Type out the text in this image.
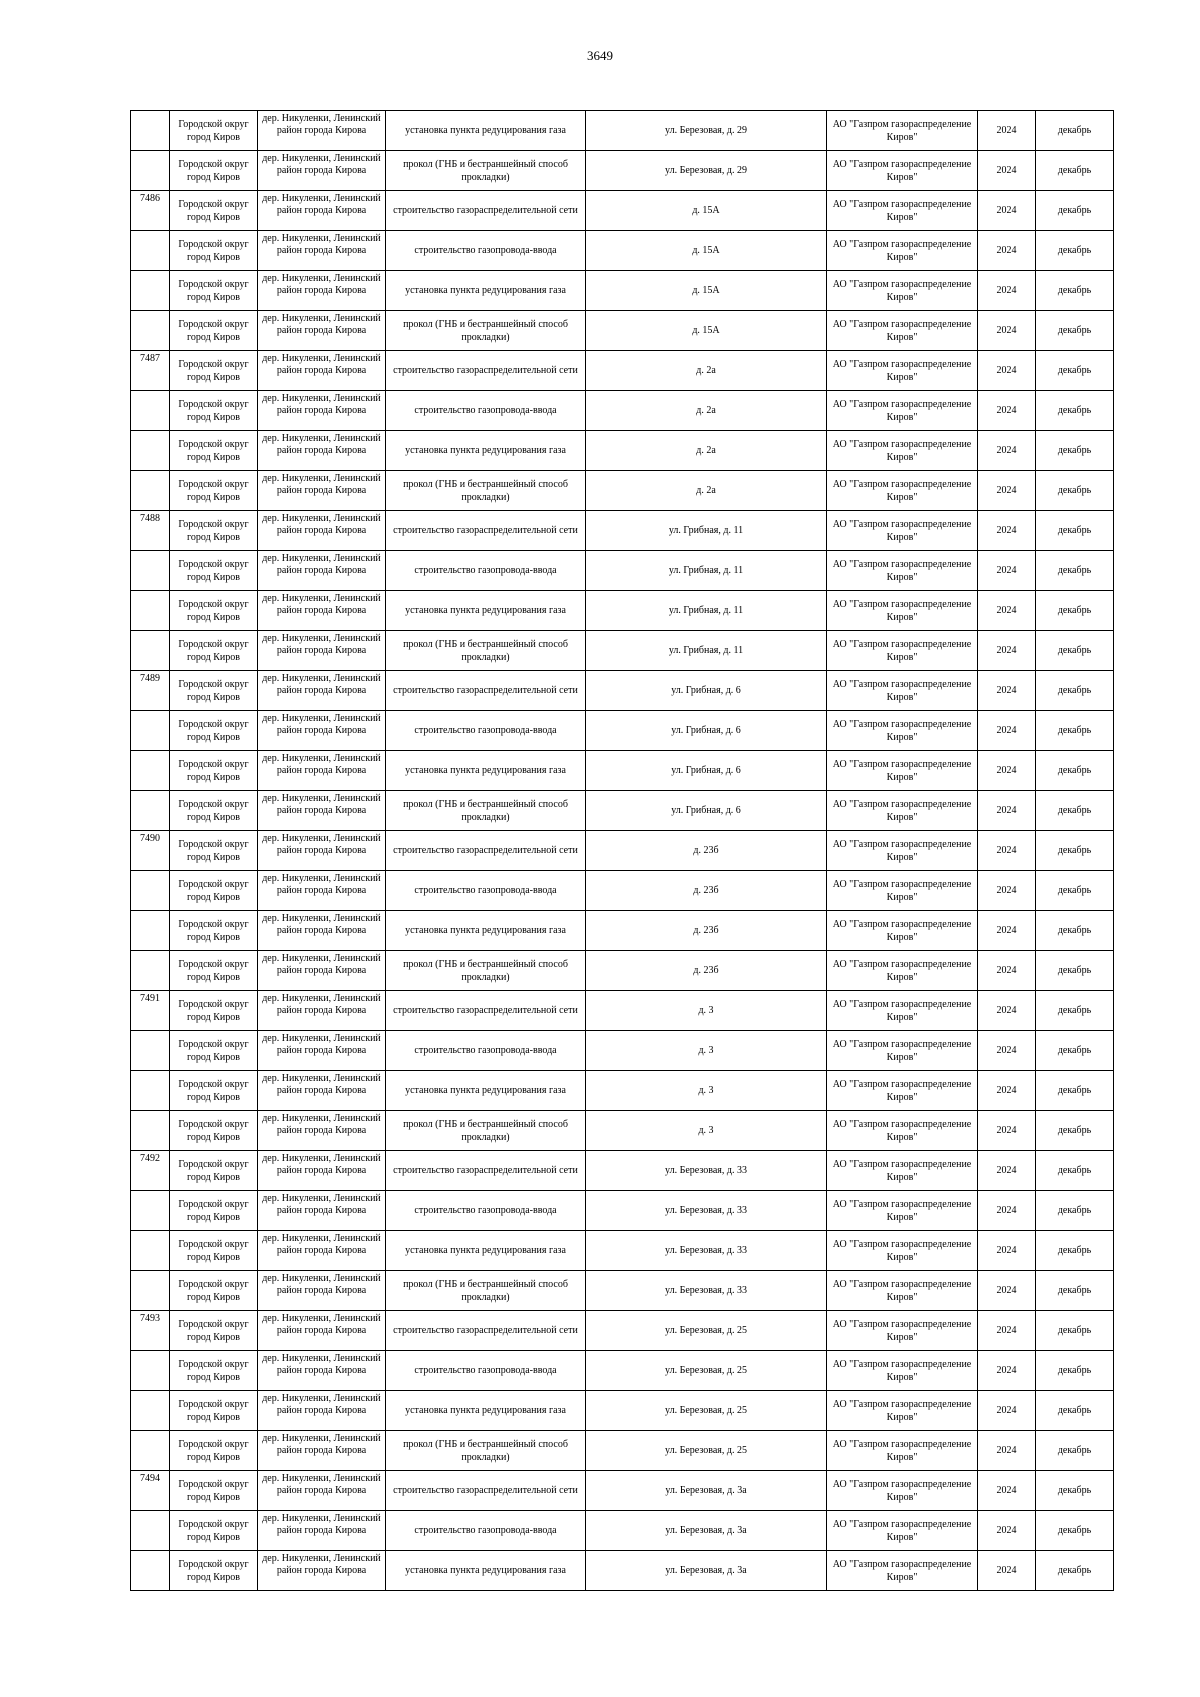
3649
	Городской округ город Киров	дер. Никуленки, Ленинский район города Кирова	установка пункта редуцирования газа	ул. Березовая, д. 29	АО "Газпром газораспределение Киров"	2024	декабрь
	Городской округ город Киров	дер. Никуленки, Ленинский район города Кирова	прокол (ГНБ и бестраншейный способ прокладки)	ул. Березовая, д. 29	АО "Газпром газораспределение Киров"	2024	декабрь
7486	Городской округ город Киров	дер. Никуленки, Ленинский район города Кирова	строительство газораспределительной сети	д. 15А	АО "Газпром газораспределение Киров"	2024	декабрь
	Городской округ город Киров	дер. Никуленки, Ленинский район города Кирова	строительство газопровода-ввода	д. 15А	АО "Газпром газораспределение Киров"	2024	декабрь
	Городской округ город Киров	дер. Никуленки, Ленинский район города Кирова	установка пункта редуцирования газа	д. 15А	АО "Газпром газораспределение Киров"	2024	декабрь
	Городской округ город Киров	дер. Никуленки, Ленинский район города Кирова	прокол (ГНБ и бестраншейный способ прокладки)	д. 15А	АО "Газпром газораспределение Киров"	2024	декабрь
7487	Городской округ город Киров	дер. Никуленки, Ленинский район города Кирова	строительство газораспределительной сети	д. 2а	АО "Газпром газораспределение Киров"	2024	декабрь
	Городской округ город Киров	дер. Никуленки, Ленинский район города Кирова	строительство газопровода-ввода	д. 2а	АО "Газпром газораспределение Киров"	2024	декабрь
	Городской округ город Киров	дер. Никуленки, Ленинский район города Кирова	установка пункта редуцирования газа	д. 2а	АО "Газпром газораспределение Киров"	2024	декабрь
	Городской округ город Киров	дер. Никуленки, Ленинский район города Кирова	прокол (ГНБ и бестраншейный способ прокладки)	д. 2а	АО "Газпром газораспределение Киров"	2024	декабрь
7488	Городской округ город Киров	дер. Никуленки, Ленинский район города Кирова	строительство газораспределительной сети	ул. Грибная, д. 11	АО "Газпром газораспределение Киров"	2024	декабрь
	Городской округ город Киров	дер. Никуленки, Ленинский район города Кирова	строительство газопровода-ввода	ул. Грибная, д. 11	АО "Газпром газораспределение Киров"	2024	декабрь
	Городской округ город Киров	дер. Никуленки, Ленинский район города Кирова	установка пункта редуцирования газа	ул. Грибная, д. 11	АО "Газпром газораспределение Киров"	2024	декабрь
	Городской округ город Киров	дер. Никуленки, Ленинский район города Кирова	прокол (ГНБ и бестраншейный способ прокладки)	ул. Грибная, д. 11	АО "Газпром газораспределение Киров"	2024	декабрь
7489	Городской округ город Киров	дер. Никуленки, Ленинский район города Кирова	строительство газораспределительной сети	ул. Грибная, д. 6	АО "Газпром газораспределение Киров"	2024	декабрь
	Городской округ город Киров	дер. Никуленки, Ленинский район города Кирова	строительство газопровода-ввода	ул. Грибная, д. 6	АО "Газпром газораспределение Киров"	2024	декабрь
	Городской округ город Киров	дер. Никуленки, Ленинский район города Кирова	установка пункта редуцирования газа	ул. Грибная, д. 6	АО "Газпром газораспределение Киров"	2024	декабрь
	Городской округ город Киров	дер. Никуленки, Ленинский район города Кирова	прокол (ГНБ и бестраншейный способ прокладки)	ул. Грибная, д. 6	АО "Газпром газораспределение Киров"	2024	декабрь
7490	Городской округ город Киров	дер. Никуленки, Ленинский район города Кирова	строительство газораспределительной сети	д. 23б	АО "Газпром газораспределение Киров"	2024	декабрь
	Городской округ город Киров	дер. Никуленки, Ленинский район города Кирова	строительство газопровода-ввода	д. 23б	АО "Газпром газораспределение Киров"	2024	декабрь
	Городской округ город Киров	дер. Никуленки, Ленинский район города Кирова	установка пункта редуцирования газа	д. 23б	АО "Газпром газораспределение Киров"	2024	декабрь
	Городской округ город Киров	дер. Никуленки, Ленинский район города Кирова	прокол (ГНБ и бестраншейный способ прокладки)	д. 23б	АО "Газпром газораспределение Киров"	2024	декабрь
7491	Городской округ город Киров	дер. Никуленки, Ленинский район города Кирова	строительство газораспределительной сети	д. 3	АО "Газпром газораспределение Киров"	2024	декабрь
	Городской округ город Киров	дер. Никуленки, Ленинский район города Кирова	строительство газопровода-ввода	д. 3	АО "Газпром газораспределение Киров"	2024	декабрь
	Городской округ город Киров	дер. Никуленки, Ленинский район города Кирова	установка пункта редуцирования газа	д. 3	АО "Газпром газораспределение Киров"	2024	декабрь
	Городской округ город Киров	дер. Никуленки, Ленинский район города Кирова	прокол (ГНБ и бестраншейный способ прокладки)	д. 3	АО "Газпром газораспределение Киров"	2024	декабрь
7492	Городской округ город Киров	дер. Никуленки, Ленинский район города Кирова	строительство газораспределительной сети	ул. Березовая, д. 33	АО "Газпром газораспределение Киров"	2024	декабрь
	Городской округ город Киров	дер. Никуленки, Ленинский район города Кирова	строительство газопровода-ввода	ул. Березовая, д. 33	АО "Газпром газораспределение Киров"	2024	декабрь
	Городской округ город Киров	дер. Никуленки, Ленинский район города Кирова	установка пункта редуцирования газа	ул. Березовая, д. 33	АО "Газпром газораспределение Киров"	2024	декабрь
	Городской округ город Киров	дер. Никуленки, Ленинский район города Кирова	прокол (ГНБ и бестраншейный способ прокладки)	ул. Березовая, д. 33	АО "Газпром газораспределение Киров"	2024	декабрь
7493	Городской округ город Киров	дер. Никуленки, Ленинский район города Кирова	строительство газораспределительной сети	ул. Березовая, д. 25	АО "Газпром газораспределение Киров"	2024	декабрь
	Городской округ город Киров	дер. Никуленки, Ленинский район города Кирова	строительство газопровода-ввода	ул. Березовая, д. 25	АО "Газпром газораспределение Киров"	2024	декабрь
	Городской округ город Киров	дер. Никуленки, Ленинский район города Кирова	установка пункта редуцирования газа	ул. Березовая, д. 25	АО "Газпром газораспределение Киров"	2024	декабрь
	Городской округ город Киров	дер. Никуленки, Ленинский район города Кирова	прокол (ГНБ и бестраншейный способ прокладки)	ул. Березовая, д. 25	АО "Газпром газораспределение Киров"	2024	декабрь
7494	Городской округ город Киров	дер. Никуленки, Ленинский район города Кирова	строительство газораспределительной сети	ул. Березовая, д. 3а	АО "Газпром газораспределение Киров"	2024	декабрь
	Городской округ город Киров	дер. Никуленки, Ленинский район города Кирова	строительство газопровода-ввода	ул. Березовая, д. 3а	АО "Газпром газораспределение Киров"	2024	декабрь
	Городской округ город Киров	дер. Никуленки, Ленинский район города Кирова	установка пункта редуцирования газа	ул. Березовая, д. 3а	АО "Газпром газораспределение Киров"	2024	декабрь
